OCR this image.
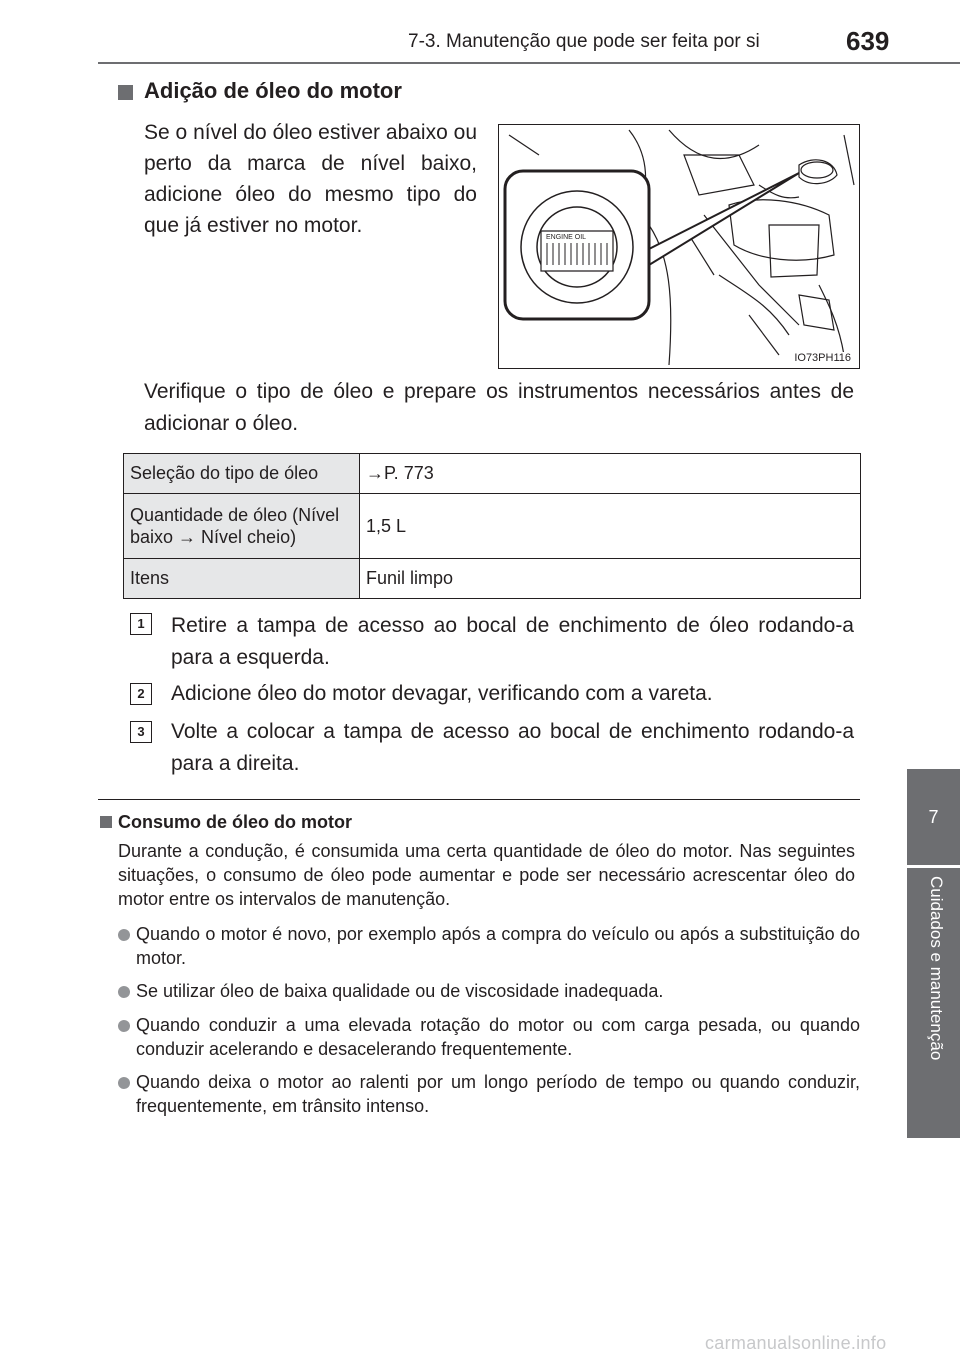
7-3. Manutenção que pode ser feita por si	639
7
Cuidados e manutenção
Adição de óleo do motor
Se o nível do óleo estiver abaixo ou perto da marca de nível baixo, adicione óleo do mesmo tipo do que já estiver no motor.
ENGINE OIL
IO73PH116
Verifique o tipo de óleo e prepare os instrumentos necessários antes de adicionar o óleo.
Seleção do tipo de óleo	→P. 773
Quantidade de óleo (Nível baixo → Nível cheio)	1,5 L
Itens	Funil limpo
1	Retire a tampa de acesso ao bocal de enchimento de óleo rodando-a para a esquerda.
2	Adicione óleo do motor devagar, verificando com a vareta.
3	Volte a colocar a tampa de acesso ao bocal de enchimento rodando-a para a direita.
Consumo de óleo do motor
Durante a condução, é consumida uma certa quantidade de óleo do motor. Nas seguintes situações, o consumo de óleo pode aumentar e pode ser necessário acrescentar óleo do motor entre os intervalos de manutenção.
Quando o motor é novo, por exemplo após a compra do veículo ou após a substituição do motor.
Se utilizar óleo de baixa qualidade ou de viscosidade inadequada.
Quando conduzir a uma elevada rotação do motor ou com carga pesada, ou quando conduzir acelerando e desacelerando frequentemente.
Quando deixa o motor ao ralenti por um longo período de tempo ou quando conduzir, frequentemente, em trânsito intenso.
carmanualsonline.info
